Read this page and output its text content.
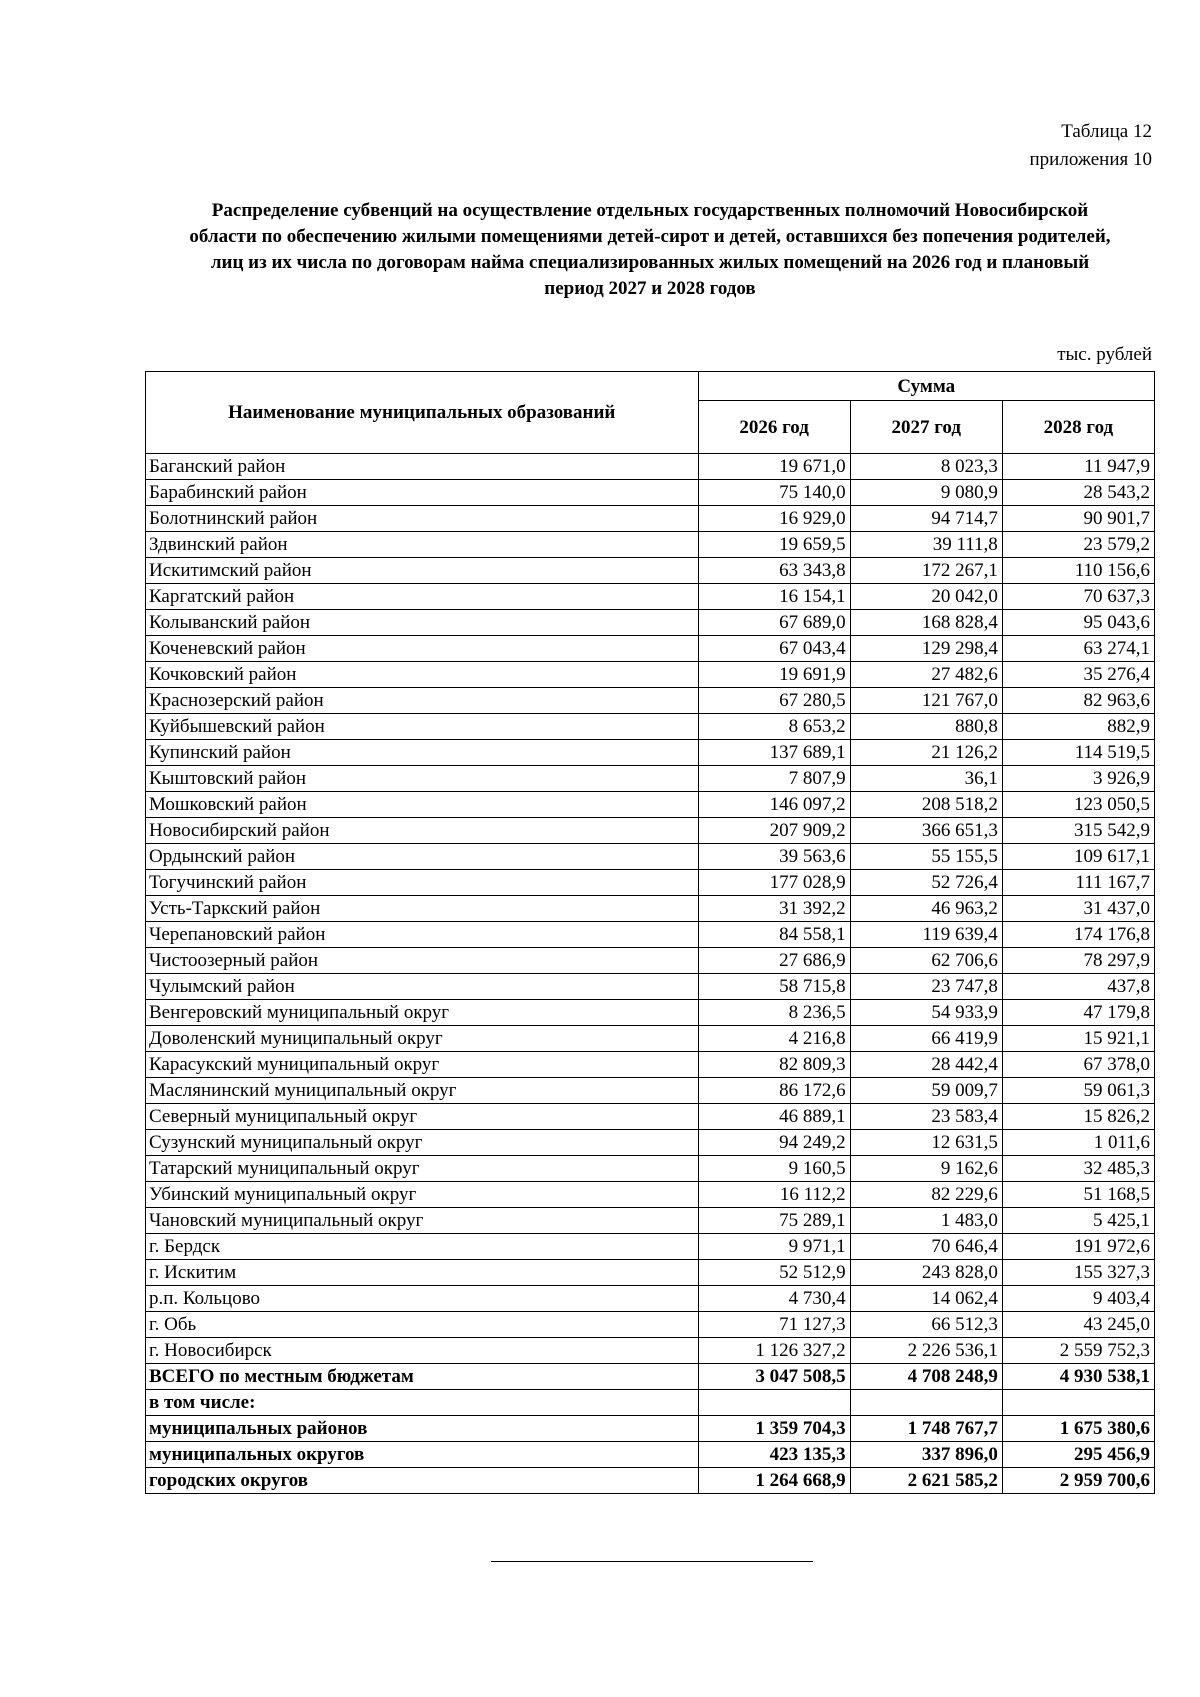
Таблица 12
приложения 10
Распределение субвенций на осуществление отдельных государственных полномочий Новосибирской
области по обеспечению жилыми помещениями детей-сирот и детей, оставшихся без попечения родителей,
лиц из их числа по договорам найма специализированных жилых помещений на 2026 год и плановый
период 2027 и 2028 годов
тыс. рублей
Наименование муниципальных образований	Сумма		
	2026 год	2027 год	2028 год
Баганский район	19 671,0	8 023,3	11 947,9
Барабинский район	75 140,0	9 080,9	28 543,2
Болотнинский район	16 929,0	94 714,7	90 901,7
Здвинский район	19 659,5	39 111,8	23 579,2
Искитимский район	63 343,8	172 267,1	110 156,6
Каргатский район	16 154,1	20 042,0	70 637,3
Колыванский район	67 689,0	168 828,4	95 043,6
Коченевский район	67 043,4	129 298,4	63 274,1
Кочковский район	19 691,9	27 482,6	35 276,4
Краснозерский район	67 280,5	121 767,0	82 963,6
Куйбышевский район	8 653,2	880,8	882,9
Купинский район	137 689,1	21 126,2	114 519,5
Кыштовский район	7 807,9	36,1	3 926,9
Мошковский район	146 097,2	208 518,2	123 050,5
Новосибирский район	207 909,2	366 651,3	315 542,9
Ордынский район	39 563,6	55 155,5	109 617,1
Тогучинский район	177 028,9	52 726,4	111 167,7
Усть-Таркский район	31 392,2	46 963,2	31 437,0
Черепановский район	84 558,1	119 639,4	174 176,8
Чистоозерный район	27 686,9	62 706,6	78 297,9
Чулымский район	58 715,8	23 747,8	437,8
Венгеровский муниципальный округ	8 236,5	54 933,9	47 179,8
Доволенский муниципальный округ	4 216,8	66 419,9	15 921,1
Карасукский муниципальный округ	82 809,3	28 442,4	67 378,0
Маслянинский муниципальный округ	86 172,6	59 009,7	59 061,3
Северный муниципальный округ	46 889,1	23 583,4	15 826,2
Сузунский муниципальный округ	94 249,2	12 631,5	1 011,6
Татарский муниципальный округ	9 160,5	9 162,6	32 485,3
Убинский муниципальный округ	16 112,2	82 229,6	51 168,5
Чановский муниципальный округ	75 289,1	1 483,0	5 425,1
г. Бердск	9 971,1	70 646,4	191 972,6
г. Искитим	52 512,9	243 828,0	155 327,3
р.п. Кольцово	4 730,4	14 062,4	9 403,4
г. Обь	71 127,3	66 512,3	43 245,0
г. Новосибирск	1 126 327,2	2 226 536,1	2 559 752,3
ВСЕГО по местным бюджетам	3 047 508,5	4 708 248,9	4 930 538,1
в том числе:			
муниципальных районов	1 359 704,3	1 748 767,7	1 675 380,6
муниципальных округов	423 135,3	337 896,0	295 456,9
городских округов	1 264 668,9	2 621 585,2	2 959 700,6
